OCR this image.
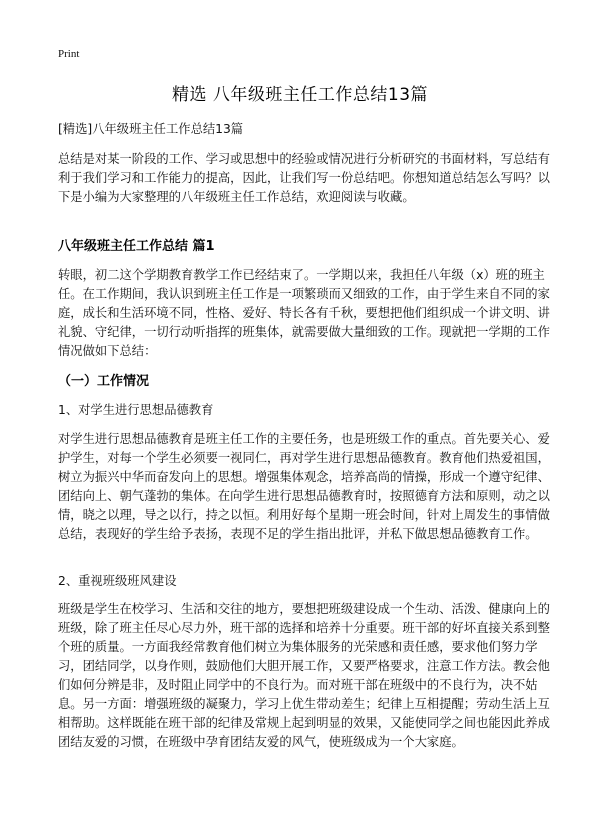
Print
精选 八年级班主任工作总结13篇
[精选]八年级班主任工作总结13篇
总结是对某一阶段的工作、学习或思想中的经验或情况进行分析研究的书面材料，写总结有利于我们学习和工作能力的提高，因此，让我们写一份总结吧。你想知道总结怎么写吗？以下是小编为大家整理的八年级班主任工作总结，欢迎阅读与收藏。
八年级班主任工作总结 篇1
转眼，初二这个学期教育教学工作已经结束了。一学期以来，我担任八年级（x）班的班主任。在工作期间，我认识到班主任工作是一项繁琐而又细致的工作，由于学生来自不同的家庭，成长和生活环境不同，性格、爱好、特长各有千秋，要想把他们组织成一个讲文明、讲礼貌、守纪律，一切行动听指挥的班集体，就需要做大量细致的工作。现就把一学期的工作情况做如下总结：
（一）工作情况
1、对学生进行思想品德教育
对学生进行思想品德教育是班主任工作的主要任务，也是班级工作的重点。首先要关心、爱护学生，对每一个学生必须要一视同仁，再对学生进行思想品德教育。教育他们热爱祖国，树立为振兴中华而奋发向上的思想。增强集体观念，培养高尚的情操，形成一个遵守纪律、团结向上、朝气蓬勃的集体。在向学生进行思想品德教育时，按照德育方法和原则，动之以情，晓之以理，导之以行，持之以恒。利用好每个星期一班会时间，针对上周发生的事情做总结，表现好的学生给予表扬，表现不足的学生指出批评，并私下做思想品德教育工作。
2、重视班级班风建设
班级是学生在校学习、生活和交往的地方，要想把班级建设成一个生动、活泼、健康向上的班级，除了班主任尽心尽力外，班干部的选择和培养十分重要。班干部的好坏直接关系到整个班的质量。一方面我经常教育他们树立为集体服务的光荣感和责任感，要求他们努力学习，团结同学，以身作则，鼓励他们大胆开展工作，又要严格要求，注意工作方法。教会他们如何分辨是非，及时阻止同学中的不良行为。而对班干部在班级中的不良行为，决不姑息。另一方面：增强班级的凝聚力，学习上优生带动差生；纪律上互相提醒；劳动生活上互相帮助。这样既能在班干部的纪律及常规上起到明显的效果，又能使同学之间也能因此养成团结友爱的习惯，在班级中孕育团结友爱的风气，使班级成为一个大家庭。
